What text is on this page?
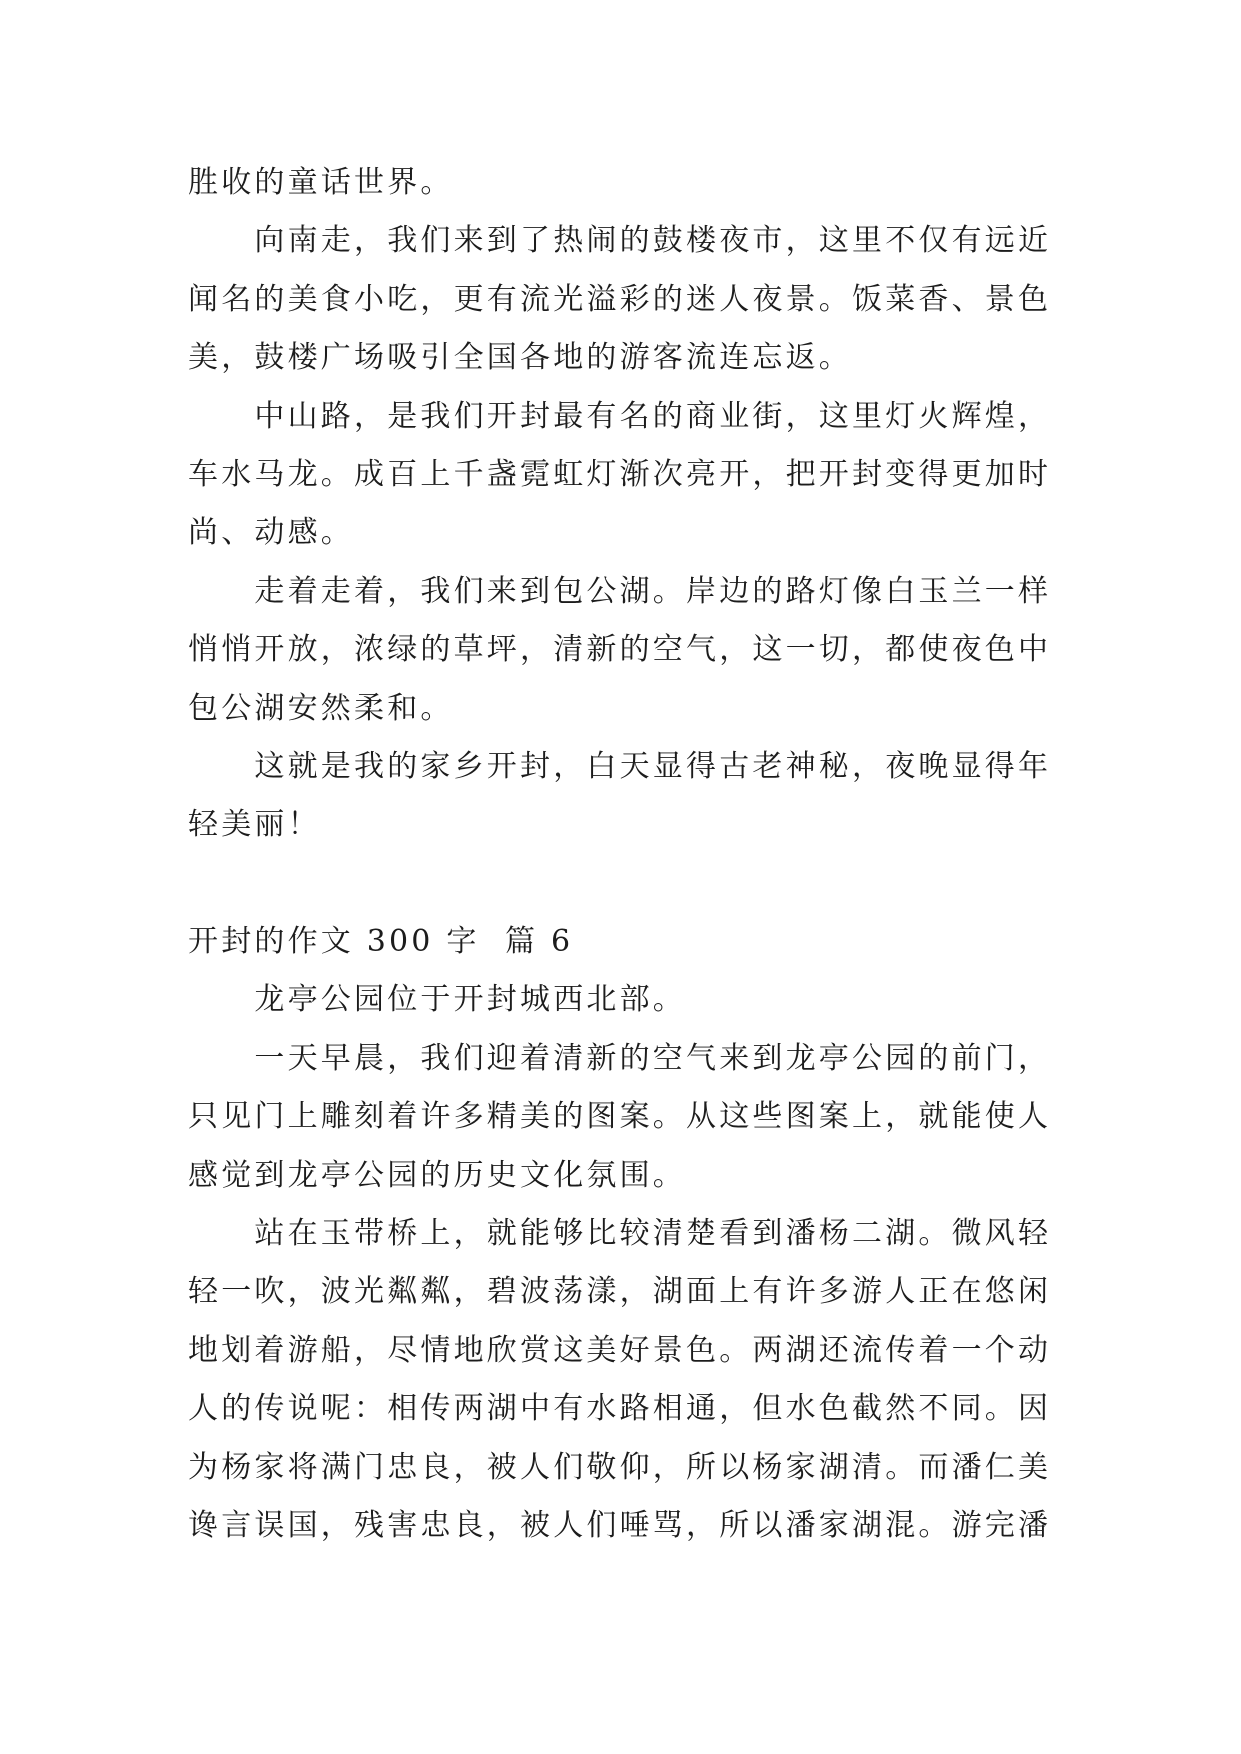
胜收的童话世界。
向南走，我们来到了热闹的鼓楼夜市，这里不仅有远近
闻名的美食小吃，更有流光溢彩的迷人夜景。饭菜香、景色
美，鼓楼广场吸引全国各地的游客流连忘返。
中山路，是我们开封最有名的商业街，这里灯火辉煌，
车水马龙。成百上千盏霓虹灯渐次亮开，把开封变得更加时
尚、动感。
走着走着，我们来到包公湖。岸边的路灯像白玉兰一样
悄悄开放，浓绿的草坪，清新的空气，这一切，都使夜色中
包公湖安然柔和。
这就是我的家乡开封，白天显得古老神秘，夜晚显得年
轻美丽！
开封的作文 300 字  篇 6
龙亭公园位于开封城西北部。
一天早晨，我们迎着清新的空气来到龙亭公园的前门，
只见门上雕刻着许多精美的图案。从这些图案上，就能使人
感觉到龙亭公园的历史文化氛围。
站在玉带桥上，就能够比较清楚看到潘杨二湖。微风轻
轻一吹，波光粼粼，碧波荡漾，湖面上有许多游人正在悠闲
地划着游船，尽情地欣赏这美好景色。两湖还流传着一个动
人的传说呢：相传两湖中有水路相通，但水色截然不同。因
为杨家将满门忠良，被人们敬仰，所以杨家湖清。而潘仁美
谗言误国，残害忠良，被人们唾骂，所以潘家湖混。游完潘
